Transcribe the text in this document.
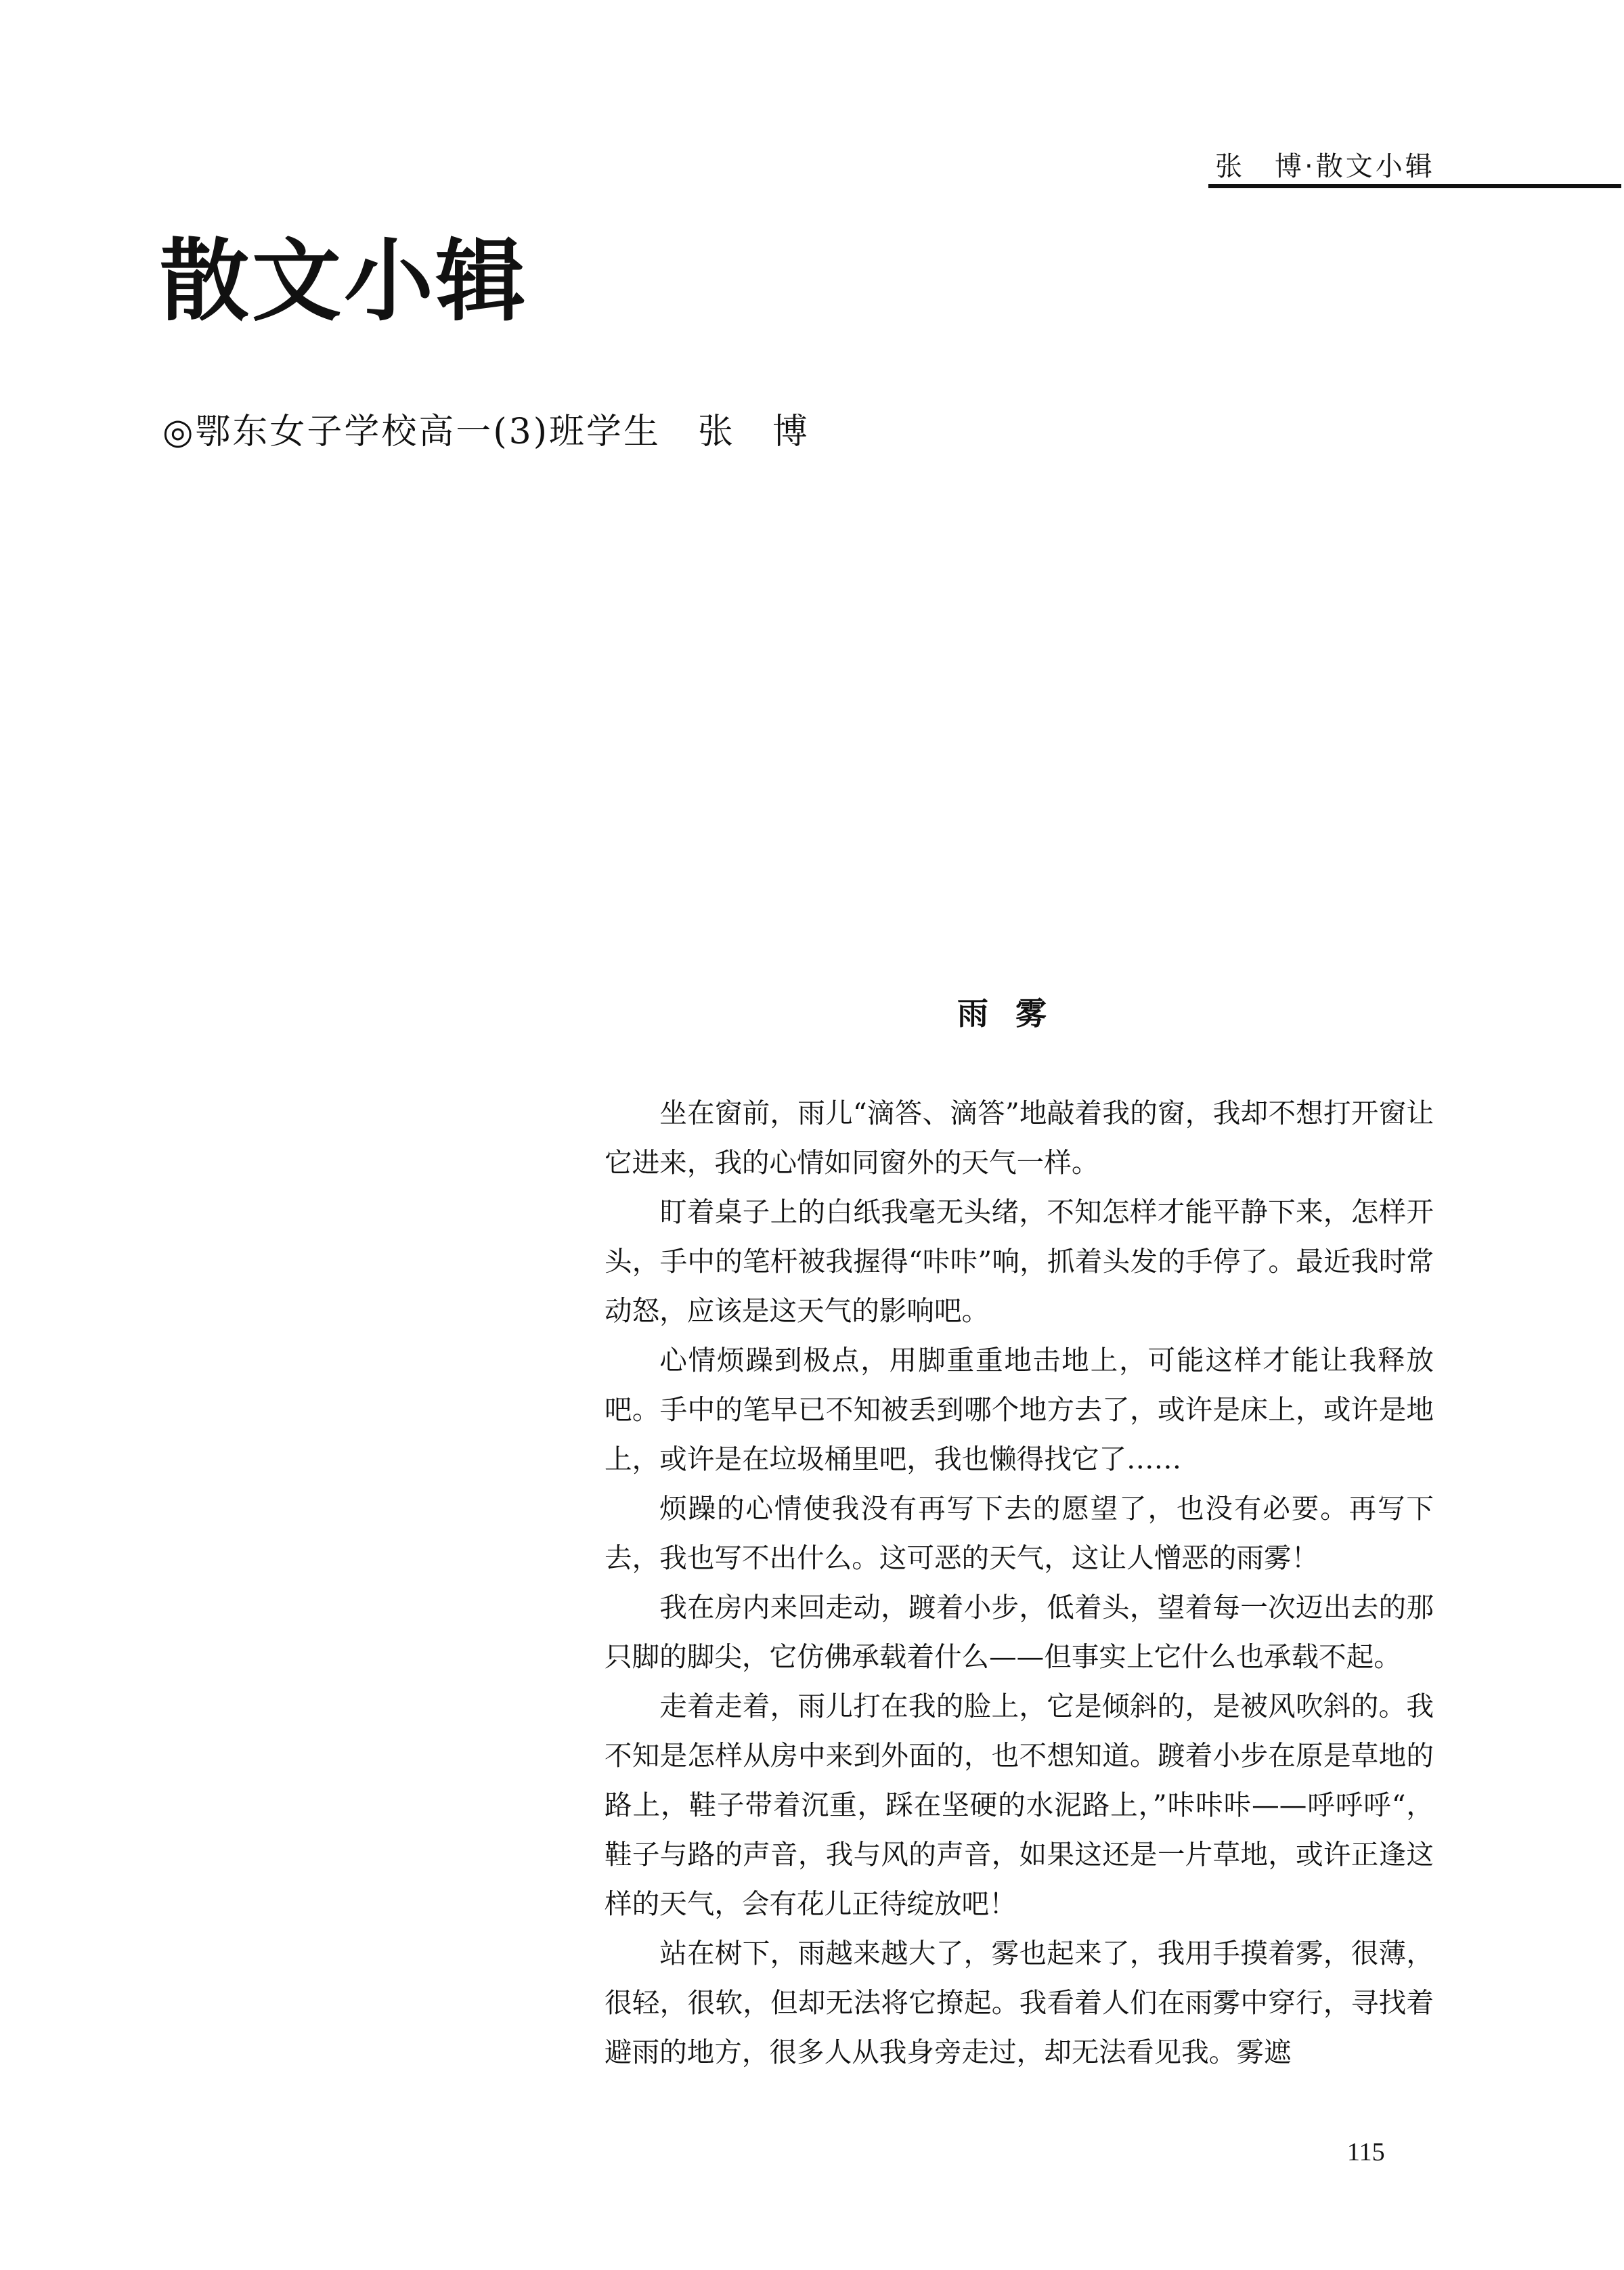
张　博·散文小辑
散文小辑
◎鄂东女子学校高一(3)班学生　张　博
雨雾

坐在窗前，雨儿“滴答、滴答”地敲着我的窗，我却不想打开窗让它进来，我的心情如同窗外的天气一样。

盯着桌子上的白纸我毫无头绪，不知怎样才能平静下来，怎样开头，手中的笔杆被我握得“咔咔”响，抓着头发的手停了。最近我时常动怒，应该是这天气的影响吧。

心情烦躁到极点，用脚重重地击地上，可能这样才能让我释放吧。手中的笔早已不知被丢到哪个地方去了，或许是床上，或许是地上，或许是在垃圾桶里吧，我也懒得找它了……

烦躁的心情使我没有再写下去的愿望了，也没有必要。再写下去，我也写不出什么。这可恶的天气，这让人憎恶的雨雾！

我在房内来回走动，踱着小步，低着头，望着每一次迈出去的那只脚的脚尖，它仿佛承载着什么——但事实上它什么也承载不起。

走着走着，雨儿打在我的脸上，它是倾斜的，是被风吹斜的。我不知是怎样从房中来到外面的，也不想知道。踱着小步在原是草地的路上，鞋子带着沉重，踩在坚硬的水泥路上，”咔咔咔——呼呼呼“，鞋子与路的声音，我与风的声音，如果这还是一片草地，或许正逢这样的天气，会有花儿正待绽放吧！

站在树下，雨越来越大了，雾也起来了，我用手摸着雾，很薄，很轻，很软，但却无法将它撩起。我看着人们在雨雾中穿行，寻找着避雨的地方，很多人从我身旁走过，却无法看见我。雾遮

115
